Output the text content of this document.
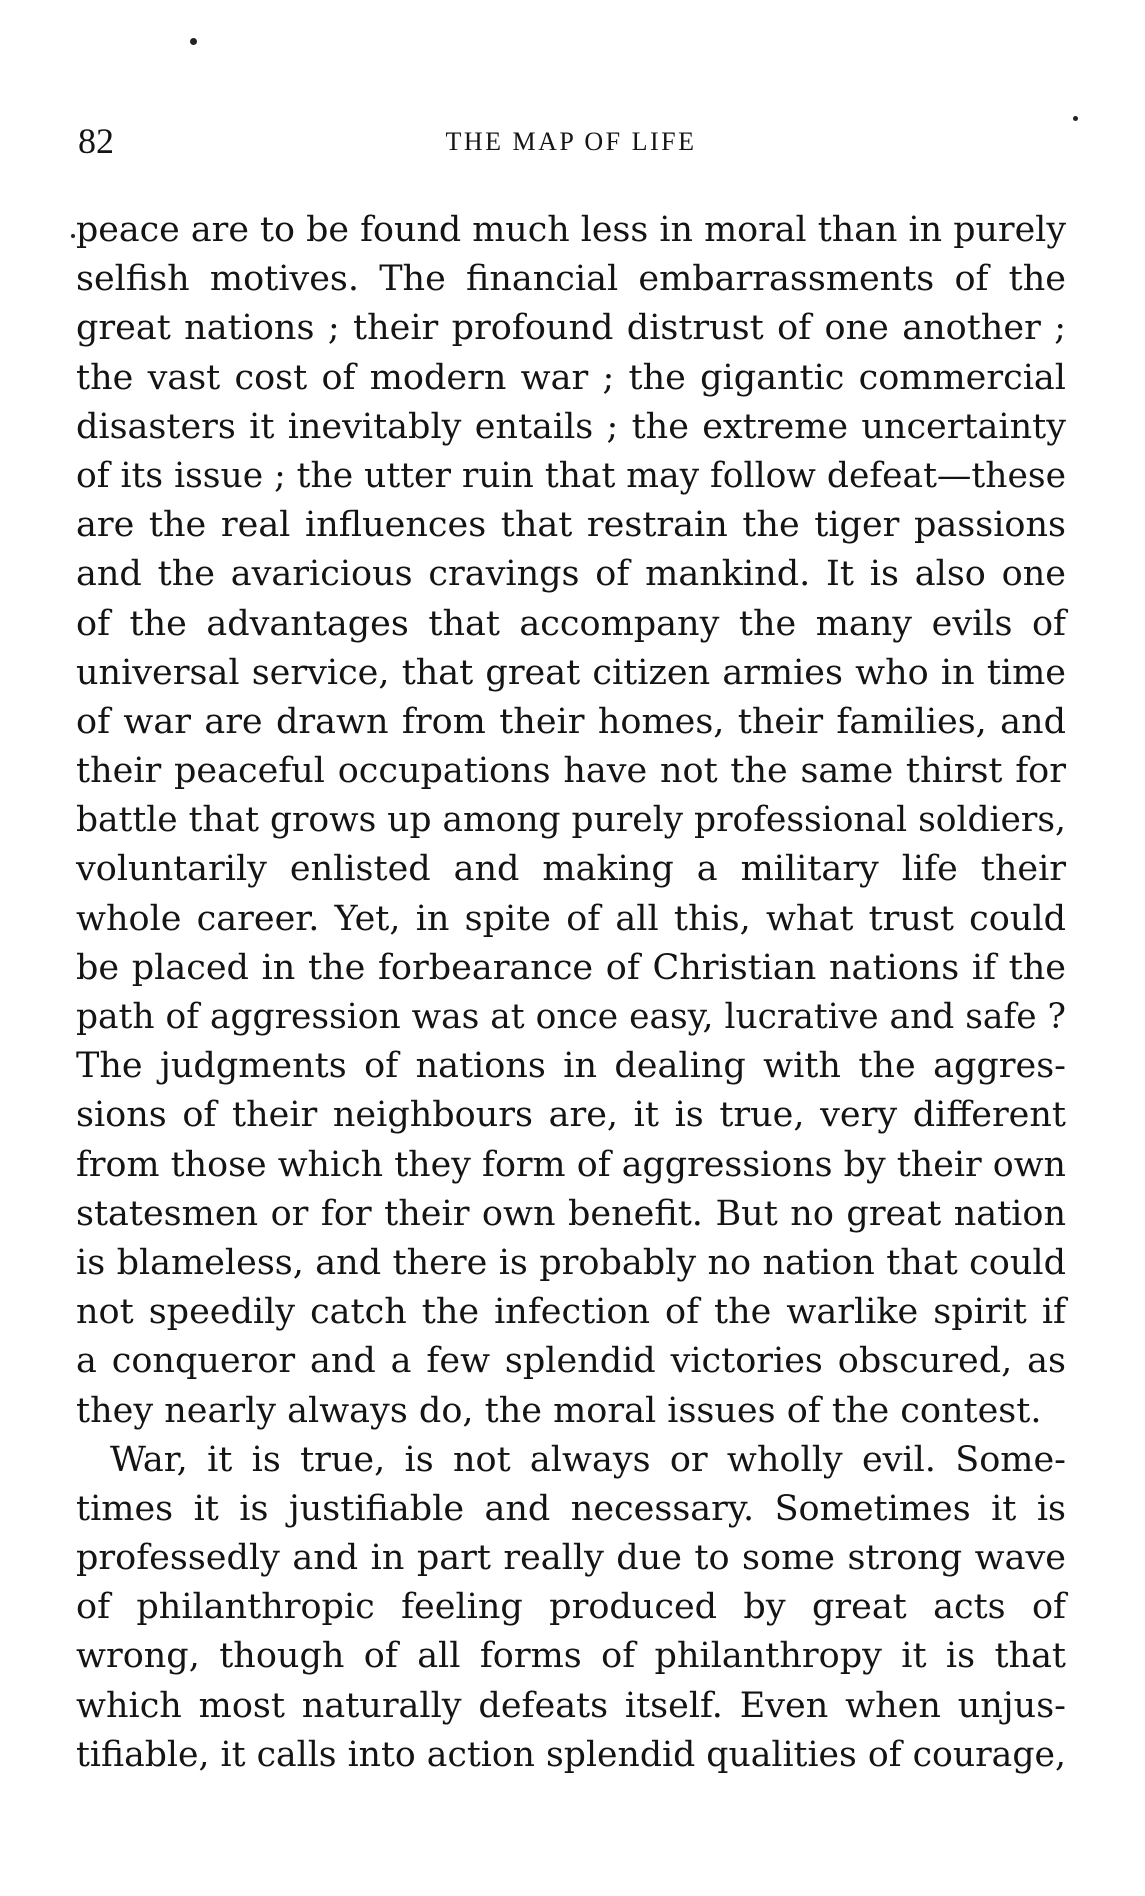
82	THE MAP OF LIFE
peace are to be found much less in moral than in purely
selfish motives. The financial embarrassments of the
great nations ; their profound distrust of one another ;
the vast cost of modern war ; the gigantic commercial
disasters it inevitably entails ; the extreme uncertainty
of its issue ; the utter ruin that may follow defeat—these
are the real influences that restrain the tiger passions
and the avaricious cravings of mankind. It is also one
of the advantages that accompany the many evils of
universal service, that great citizen armies who in time
of war are drawn from their homes, their families, and
their peaceful occupations have not the same thirst for
battle that grows up among purely professional soldiers,
voluntarily enlisted and making a military life their
whole career. Yet, in spite of all this, what trust could
be placed in the forbearance of Christian nations if the
path of aggression was at once easy, lucrative and safe ?
The judgments of nations in dealing with the aggres-
sions of their neighbours are, it is true, very different
from those which they form of aggressions by their own
statesmen or for their own benefit. But no great nation
is blameless, and there is probably no nation that could
not speedily catch the infection of the warlike spirit if
a conqueror and a few splendid victories obscured, as
they nearly always do, the moral issues of the contest.
War, it is true, is not always or wholly evil. Some-
times it is justifiable and necessary. Sometimes it is
professedly and in part really due to some strong wave
of philanthropic feeling produced by great acts of
wrong, though of all forms of philanthropy it is that
which most naturally defeats itself. Even when unjus-
tifiable, it calls into action splendid qualities of courage,
